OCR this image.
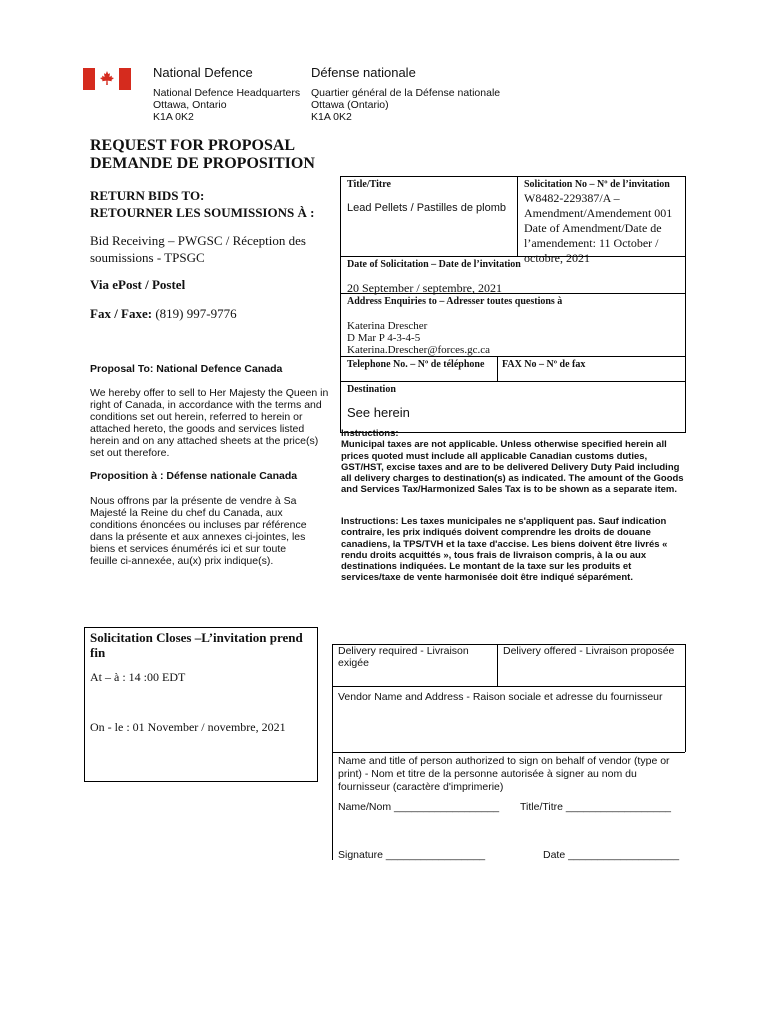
National Defence	Défense nationale
National Defence Headquarters
Ottawa, Ontario
K1A 0K2
Quartier général de la Défense nationale
Ottawa (Ontario)
K1A 0K2
REQUEST FOR PROPOSAL
DEMANDE DE PROPOSITION
RETURN BIDS TO:
RETOURNER LES SOUMISSIONS À :
Bid Receiving – PWGSC / Réception des
soumissions - TPSGC
Via ePost / Postel
Fax / Faxe: (819) 997-9776
Proposal To: National Defence Canada
We hereby offer to sell to Her Majesty the Queen in right of Canada, in accordance with the terms and conditions set out herein, referred to herein or attached hereto, the goods and services listed herein and on any attached sheets at the price(s) set out therefore.
Proposition à : Défense nationale Canada
Nous offrons par la présente de vendre à Sa Majesté la Reine du chef du Canada, aux conditions énoncées ou incluses par référence dans la présente et aux annexes ci-jointes, les biens et services énumérés ici et sur toute feuille ci-annexée, au(x) prix indique(s).
Solicitation Closes –L’invitation prend fin
At – à : 14 :00 EDT
On - le : 01 November / novembre, 2021
Title/Titre
Lead Pellets / Pastilles de plomb
Solicitation No – Nº de l’invitation
W8482-229387/A – Amendment/Amendement 001 Date of Amendment/Date de l’amendement: 11 October / octobre, 2021
Date of Solicitation – Date de l’invitation
20 September / septembre, 2021
Address Enquiries to – Adresser toutes questions à
Katerina Drescher
D Mar P 4-3-4-5
Katerina.Drescher@forces.gc.ca
Telephone No. – Nº de téléphone FAX No – Nº de fax
Destination
See herein
Instructions:
Municipal taxes are not applicable. Unless otherwise specified herein all prices quoted must include all applicable Canadian customs duties, GST/HST, excise taxes and are to be delivered Delivery Duty Paid including all delivery charges to destination(s) as indicated. The amount of the Goods and Services Tax/Harmonized Sales Tax is to be shown as a separate item.
Instructions: Les taxes municipales ne s'appliquent pas. Sauf indication contraire, les prix indiqués doivent comprendre les droits de douane canadiens, la TPS/TVH et la taxe d'accise. Les biens doivent être livrés « rendu droits acquittés », tous frais de livraison compris, à la ou aux destinations indiquées. Le montant de la taxe sur les produits et services/taxe de vente harmonisée doit être indiqué séparément.
Delivery required - Livraison exigée
Delivery offered - Livraison proposée
Vendor Name and Address - Raison sociale et adresse du fournisseur
Name and title of person authorized to sign on behalf of vendor (type or print) - Nom et titre de la personne autorisée à signer au nom du fournisseur (caractère d'imprimerie)
Name/Nom __________________ Title/Titre __________________
Signature _________________	Date ___________________
